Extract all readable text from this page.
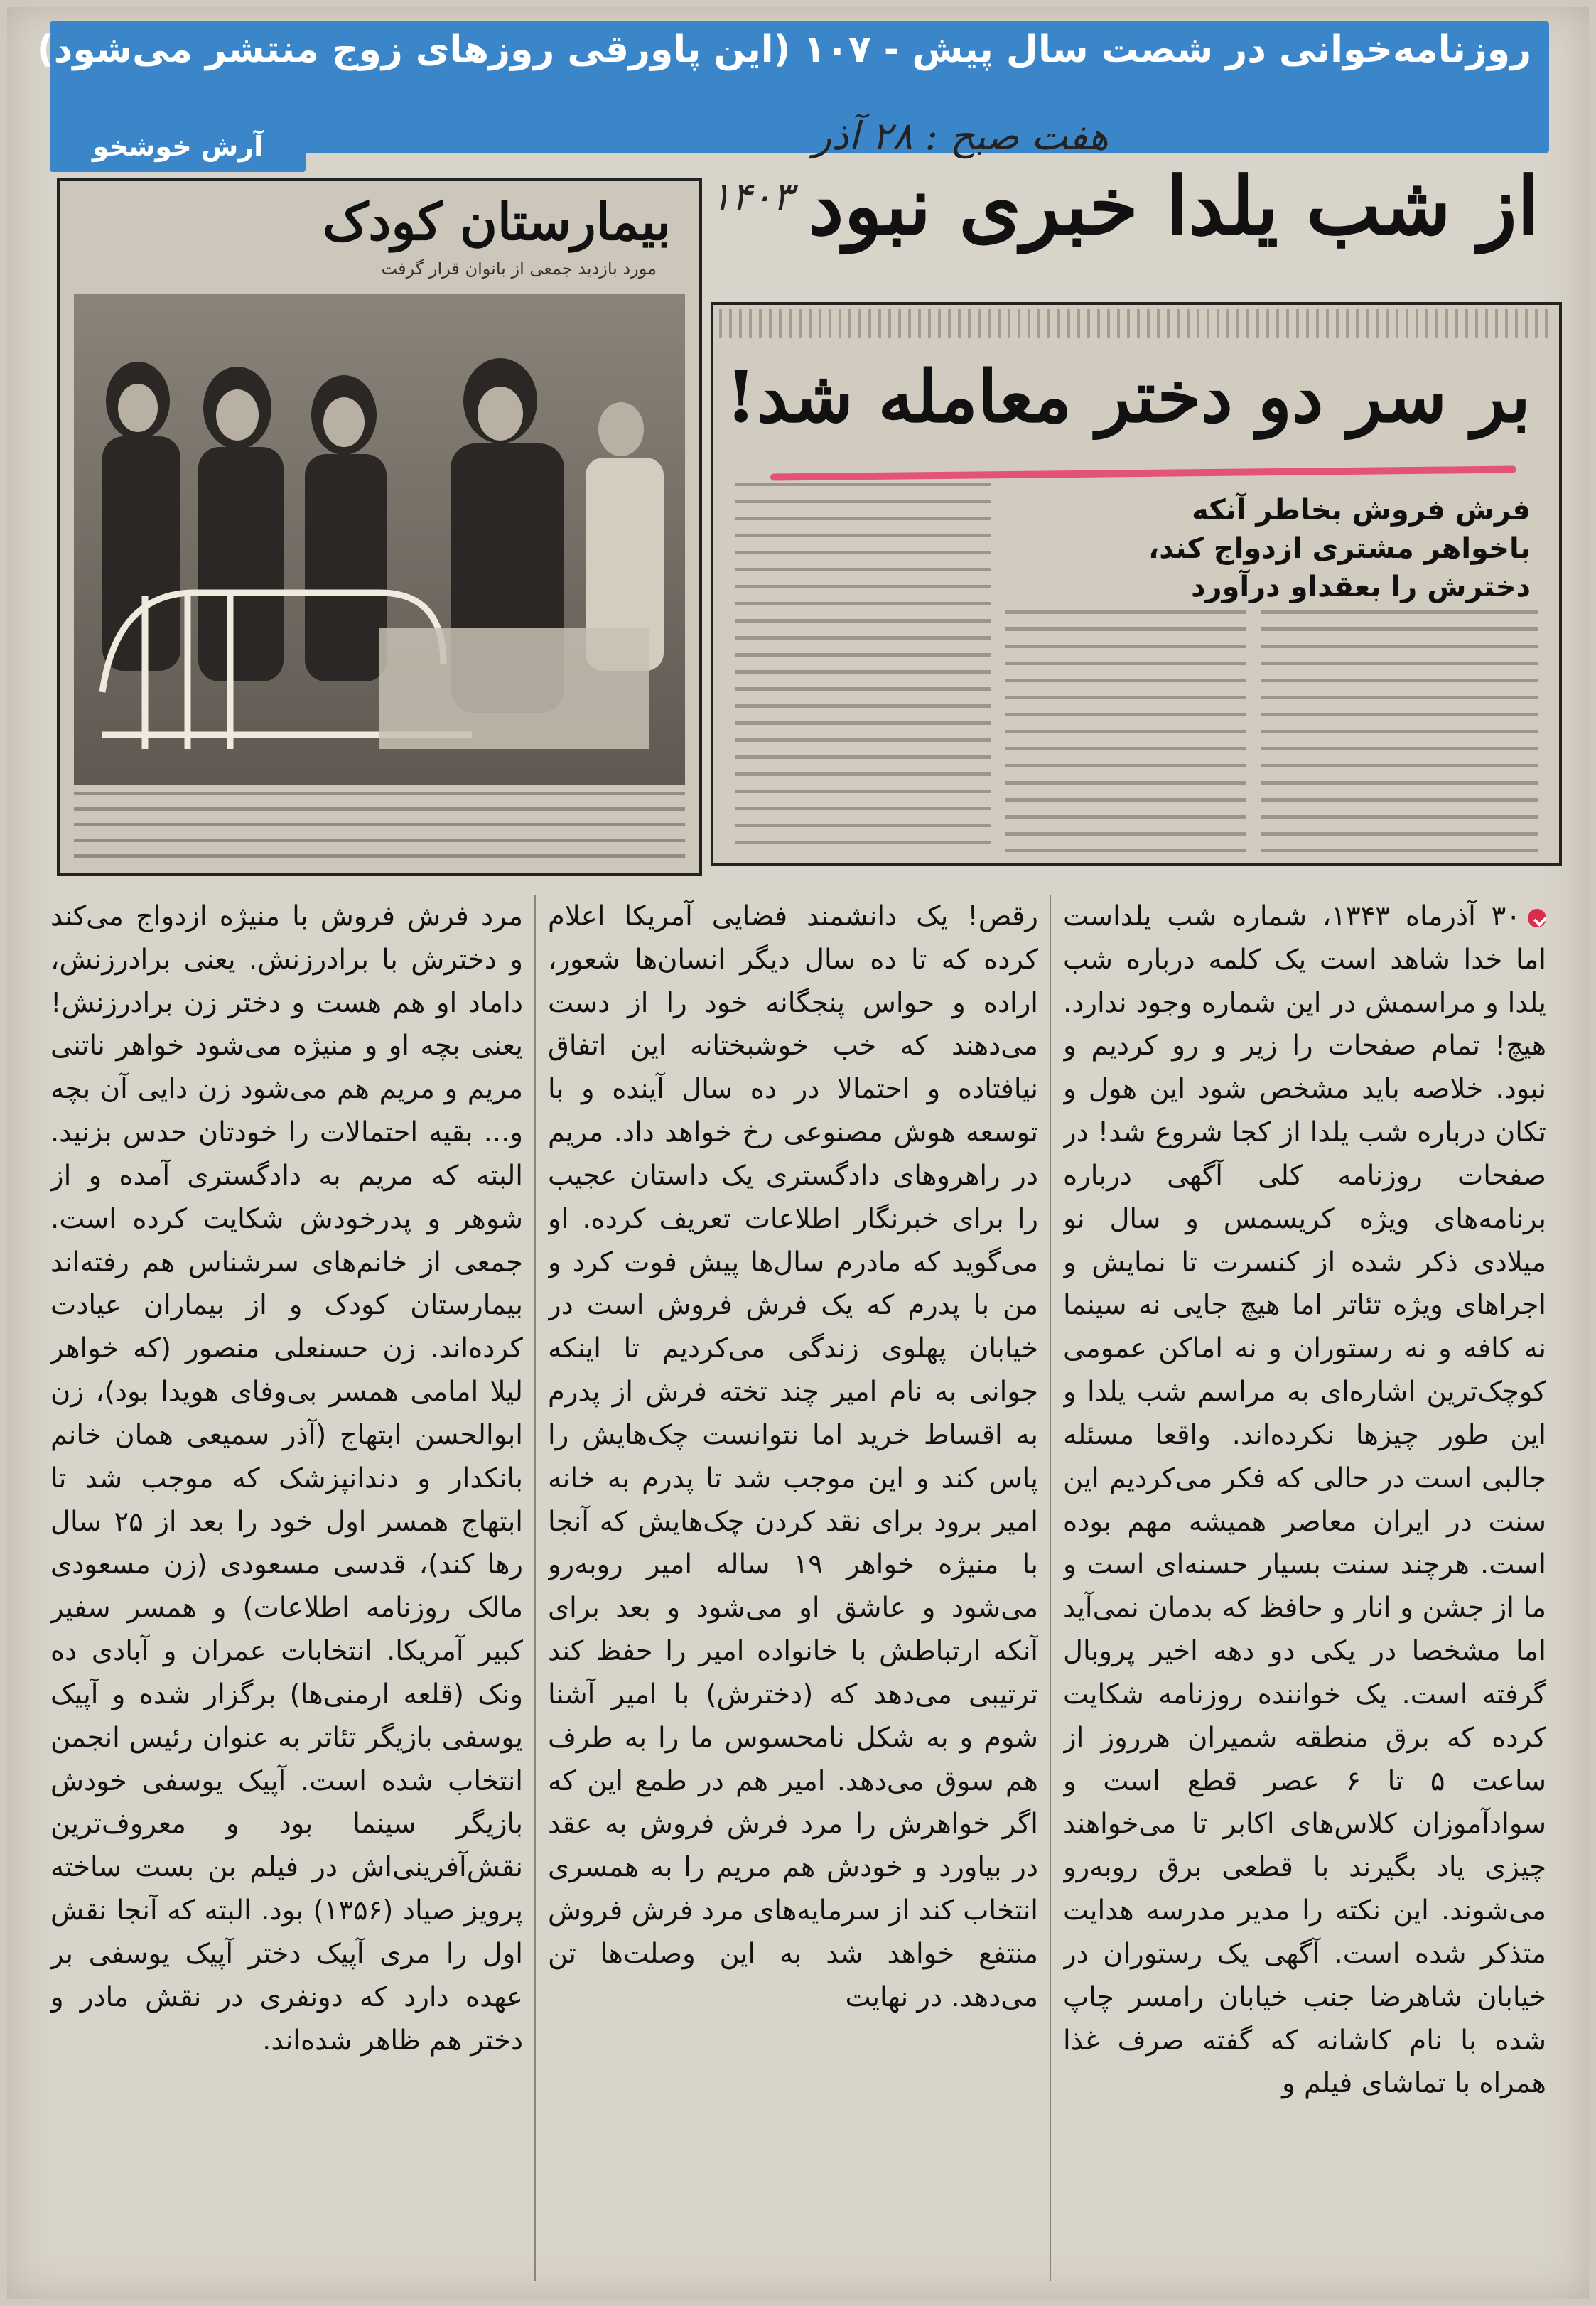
روزنامه‌خوانی در شصت سال پیش - ۱۰۷ (این پاورقی روزهای زوج منتشر می‌شود)
آرش خوشخو
از شب یلدا خبری نبود
هفت صبح : ۲۸ آذر
۱۴۰۳
بیمارستان کودک
مورد بازدید جمعی از بانوان قرار گرفت
بر سر دو دختر معامله شد!
فرش فروش بخاطر آنکه باخواهر مشتری ازدواج کند، دخترش را بعقداو درآورد

۳۰ آذرماه ۱۳۴۳، شماره شب یلداست اما خدا شاهد است یک کلمه درباره شب یلدا و مراسمش در این شماره وجود ندارد. هیچ! تمام صفحات را زیر و رو کردیم و نبود. خلاصه باید مشخص شود این هول و تکان درباره شب یلدا از کجا شروع شد! در صفحات روزنامه کلی آگهی درباره برنامه‌های ویژه کریسمس و سال نو میلادی ذکر شده از کنسرت تا نمایش و اجراهای ویژه تئاتر اما هیچ جایی نه سینما نه کافه و نه رستوران و نه اماکن عمومی کوچک‌ترین اشاره‌ای به مراسم شب یلدا و این طور چیزها نکرده‌اند. واقعا مسئله جالبی است در حالی که فکر می‌کردیم این سنت در ایران معاصر همیشه مهم بوده است. هرچند سنت بسیار حسنه‌ای است و ما از جشن و انار و حافظ که بدمان نمی‌آید اما مشخصا در یکی دو دهه اخیر پروبال گرفته است. یک خواننده روزنامه شکایت کرده که برق منطقه شمیران هرروز از ساعت ۵ تا ۶ عصر قطع است و سوادآموزان کلاس‌های اکابر تا می‌خواهند چیزی یاد بگیرند با قطعی برق روبه‌رو می‌شوند. این نکته را مدیر مدرسه هدایت متذکر شده است. آگهی یک رستوران در خیابان شاهرضا جنب خیابان رامسر چاپ شده با نام کاشانه که گفته صرف غذا همراه با تماشای فیلم و

رقص! یک دانشمند فضایی آمریکا اعلام کرده که تا ده سال دیگر انسان‌ها شعور، اراده و حواس پنجگانه خود را از دست می‌دهند که خب خوشبختانه این اتفاق نیافتاده و احتمالا در ده سال آینده و با توسعه هوش مصنوعی رخ خواهد داد. مریم در راهروهای دادگستری یک داستان عجیب را برای خبرنگار اطلاعات تعریف کرده. او می‌گوید که مادرم سال‌ها پیش فوت کرد و من با پدرم که یک فرش فروش است در خیابان پهلوی زندگی می‌کردیم تا اینکه جوانی به نام امیر چند تخته فرش از پدرم به اقساط خرید اما نتوانست چک‌هایش را پاس کند و این موجب شد تا پدرم به خانه امیر برود برای نقد کردن چک‌هایش که آنجا با منیژه خواهر ۱۹ ساله امیر روبه‌رو می‌شود و عاشق او می‌شود و بعد برای آنکه ارتباطش با خانواده امیر را حفظ کند ترتیبی می‌دهد که (دخترش) با امیر آشنا شوم و به شکل نامحسوس ما را به طرف هم سوق می‌دهد. امیر هم در طمع این که اگر خواهرش را مرد فرش فروش به عقد در بیاورد و خودش هم مریم را به همسری انتخاب کند از سرمایه‌های مرد فرش فروش منتفع خواهد شد به این وصلت‌ها تن می‌دهد. در نهایت

مرد فرش فروش با منیژه ازدواج می‌کند و دخترش با برادرزنش. یعنی برادرزنش، داماد او هم هست و دختر زن برادرزنش! یعنی بچه او و منیژه می‌شود خواهر ناتنی مریم و مریم هم می‌شود زن دایی آن بچه و... بقیه احتمالات را خودتان حدس بزنید. البته که مریم به دادگستری آمده و از شوهر و پدرخودش شکایت کرده است. جمعی از خانم‌های سرشناس هم رفته‌اند بیمارستان کودک و از بیماران عیادت کرده‌اند. زن حسنعلی منصور (که خواهر لیلا امامی همسر بی‌وفای هویدا بود)، زن ابوالحسن ابتهاج (آذر سمیعی همان خانم بانکدار و دندانپزشک که موجب شد تا ابتهاج همسر اول خود را بعد از ۲۵ سال رها کند)، قدسی مسعودی (زن مسعودی مالک روزنامه اطلاعات) و همسر سفیر کبیر آمریکا. انتخابات عمران و آبادی ده ونک (قلعه ارمنی‌ها) برگزار شده و آپیک یوسفی بازیگر تئاتر به عنوان رئیس انجمن انتخاب شده است. آپیک یوسفی خودش بازیگر سینما بود و معروف‌ترین نقش‌آفرینی‌اش در فیلم بن بست ساخته پرویز صیاد (۱۳۵۶) بود. البته که آنجا نقش اول را مری آپیک دختر آپیک یوسفی بر عهده دارد که دونفری در نقش مادر و دختر هم ظاهر شده‌اند.
